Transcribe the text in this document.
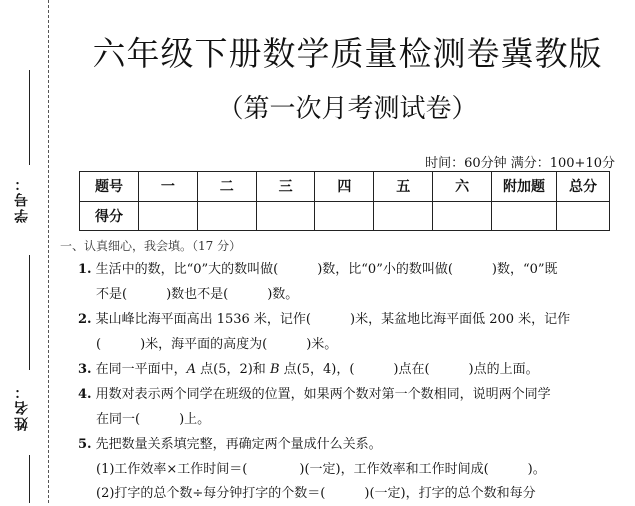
学号：
姓名：
六年级下册数学质量检测卷冀教版
（第一次月考测试卷）
时间：60分钟 满分：100+10分
题号	一	二	三	四	五	六	附加题	总分
得分								
一、认真细心，我会填。（17 分）
1. 生活中的数，比“0”大的数叫做(　　　)数，比“0”小的数叫做(　　　)数，“0”既
不是(　　　)数也不是(　　　)数。
2. 某山峰比海平面高出 1536 米，记作(　　　)米，某盆地比海平面低 200 米，记作
(　　　)米，海平面的高度为(　　　)米。
3. 在同一平面中，A 点(5，2)和 B 点(5，4)，(　　　)点在(　　　)点的上面。
4. 用数对表示两个同学在班级的位置，如果两个数对第一个数相同，说明两个同学
在同一(　　　)上。
5. 先把数量关系填完整，再确定两个量成什么关系。
(1)工作效率×工作时间＝(　　　　)(一定)，工作效率和工作时间成(　　　)。
(2)打字的总个数÷每分钟打字的个数＝(　　　)(一定)，打字的总个数和每分
